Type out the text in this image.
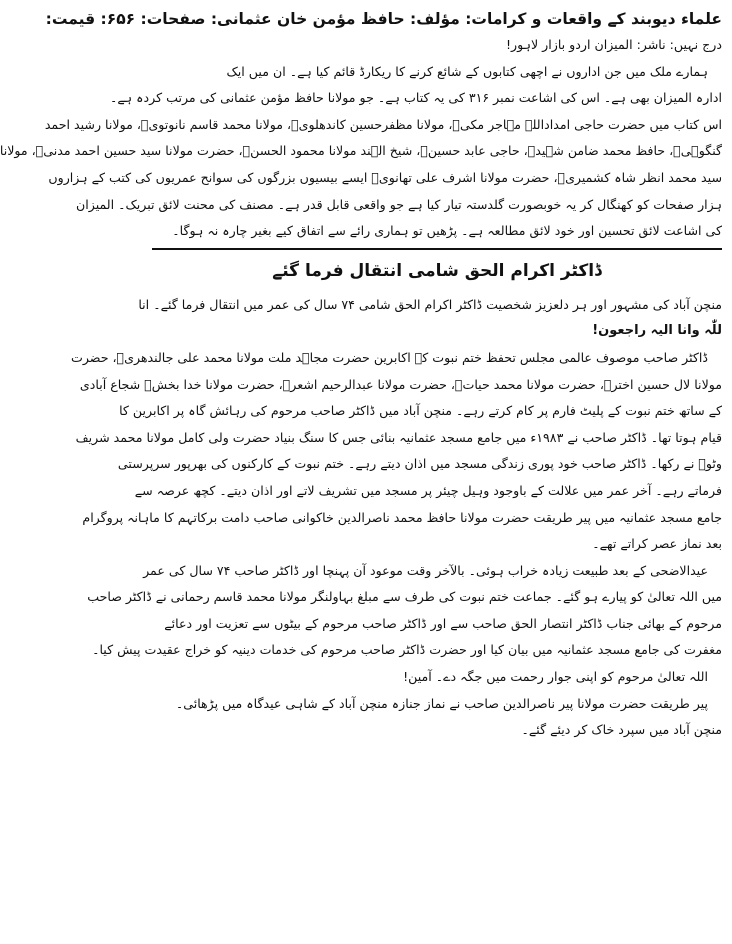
علماء دیوبند کے واقعات و کرامات: مؤلف: حافظ مؤمن خان عثمانی: صفحات: ۶۵۶: قیمت:
درج نہیں: ناشر: المیزان اردو بازار لاہور!
ہمارے ملک میں جن اداروں نے اچھی کتابوں کے شائع کرنے کا ریکارڈ قائم کیا ہے۔ ان میں ایک
ادارہ المیزان بھی ہے۔ اس کی اشاعت نمبر ۳۱۶ کی یہ کتاب ہے۔ جو مولانا حافظ مؤمن عثمانی کی مرتب کردہ ہے۔
اس کتاب میں حضرت حاجی امداداللہ مہاجر مکیؒ، مولانا مظفرحسین کاندھلویؒ، مولانا محمد قاسم نانوتویؒ، مولانا رشید احمد
گنگوہیؒ، حافظ محمد ضامن شہیدؒ، حاجی عابد حسینؒ، شیخ الہند مولانا محمود الحسنؒ، حضرت مولانا سید حسین احمد مدنیؒ، مولانا
سید محمد انظر شاہ کشمیریؒ، حضرت مولانا اشرف علی تھانویؒ ایسے بیسیوں بزرگوں کی سوانح عمریوں کی کتب کے ہزاروں
ہزار صفحات کو کھنگال کر یہ خوبصورت گلدستہ تیار کیا ہے جو واقعی قابل قدر ہے۔ مصنف کی محنت لائق تبریک۔ المیزان
کی اشاعت لائق تحسین اور خود لائق مطالعہ ہے۔ پڑھیں تو ہماری رائے سے اتفاق کیے بغیر چارہ نہ ہوگا۔
ڈاکٹر اکرام الحق شامی انتقال فرما گئے
منچن آباد کی مشہور اور ہر دلعزیز شخصیت ڈاکٹر اکرام الحق شامی ۷۴ سال کی عمر میں انتقال فرما گئے۔ انا
للّٰہ وانا الیہ راجعون!
ڈاکٹر صاحب موصوف عالمی مجلس تحفظ ختم نبوت کے اکابرین حضرت مجاہد ملت مولانا محمد علی جالندھریؒ، حضرت
مولانا لال حسین اخترؒ، حضرت مولانا محمد حیاتؒ، حضرت مولانا عبدالرحیم اشعرؒ، حضرت مولانا خدا بخشؒ شجاع آبادی
کے ساتھ ختم نبوت کے پلیٹ فارم پر کام کرتے رہے۔ منچن آباد میں ڈاکٹر صاحب مرحوم کی رہائش گاہ پر اکابرین کا
قیام ہوتا تھا۔ ڈاکٹر صاحب نے ۱۹۸۳ء میں جامع مسجد عثمانیہ بنائی جس کا سنگ بنیاد حضرت ولی کامل مولانا محمد شریف
وٹوؒ نے رکھا۔ ڈاکٹر صاحب خود پوری زندگی مسجد میں اذان دیتے رہے۔ ختم نبوت کے کارکنوں کی بھرپور سرپرستی
فرماتے رہے۔ آخر عمر میں علالت کے باوجود وہیل چیئر پر مسجد میں تشریف لاتے اور اذان دیتے۔ کچھ عرصہ سے
جامع مسجد عثمانیہ میں پیر طریقت حضرت مولانا حافظ محمد ناصرالدین خاکوانی صاحب دامت برکاتہم کا ماہانہ پروگرام
بعد نماز عصر کراتے تھے۔
عیدالاضحی کے بعد طبیعت زیادہ خراب ہوئی۔ بالآخر وقت موعود آن پہنچا اور ڈاکٹر صاحب ۷۴ سال کی عمر
میں اللہ تعالیٰ کو پیارے ہو گئے۔ جماعت ختم نبوت کی طرف سے مبلغ بہاولنگر مولانا محمد قاسم رحمانی نے ڈاکٹر صاحب
مرحوم کے بھائی جناب ڈاکٹر انتصار الحق صاحب سے اور ڈاکٹر صاحب مرحوم کے بیٹوں سے تعزیت اور دعائے
مغفرت کی جامع مسجد عثمانیہ میں بیان کیا اور حضرت ڈاکٹر صاحب مرحوم کی خدمات دینیہ کو خراج عقیدت پیش کیا۔
اللہ تعالیٰ مرحوم کو اپنی جوار رحمت میں جگہ دے۔ آمین!
پیر طریقت حضرت مولانا پیر ناصرالدین صاحب نے نماز جنازہ منچن آباد کے شاہی عیدگاہ میں پڑھائی۔
منچن آباد میں سپرد خاک کر دیئے گئے۔
